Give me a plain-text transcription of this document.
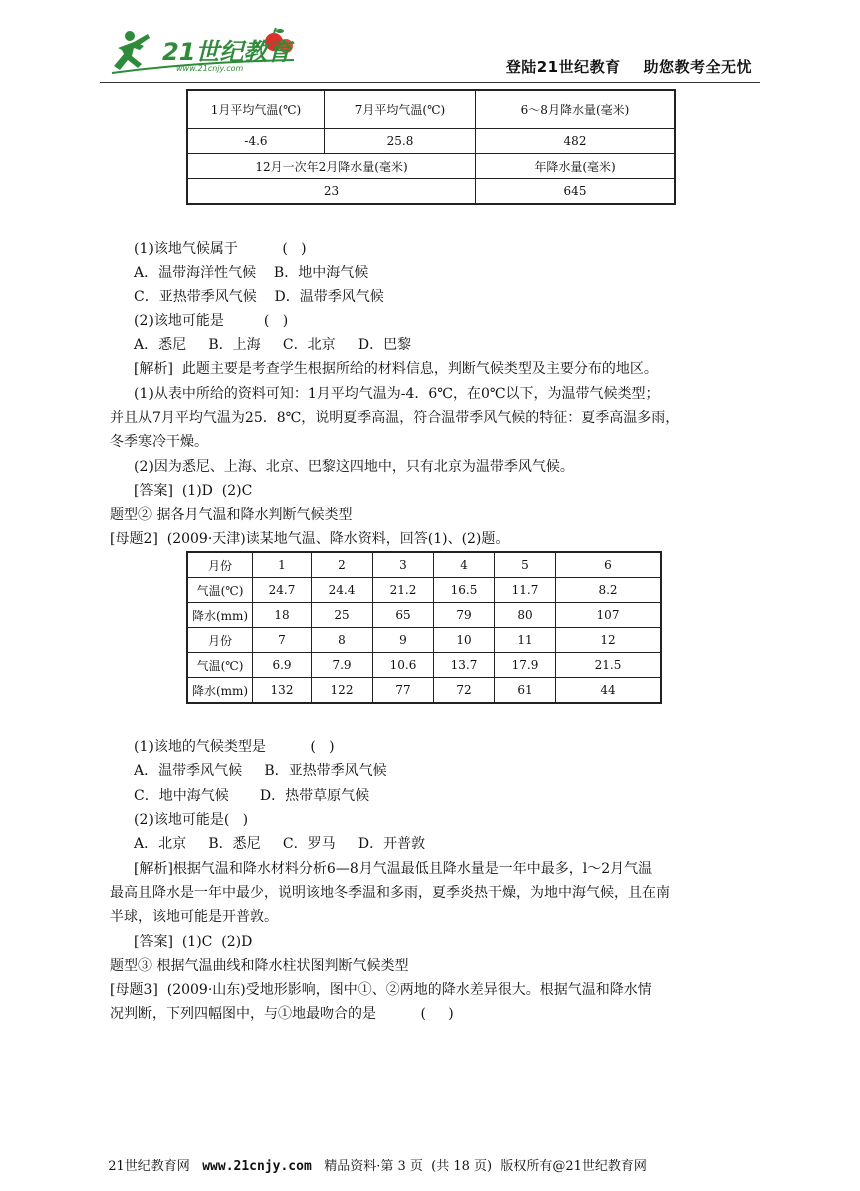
21世纪教育
www.21cnjy.com	登陆21世纪教育    助您教考全无忧
1月平均气温(℃)	7月平均气温(℃)	6～8月降水量(毫米)
-4.6	25.8	482
12月一次年2月降水量(毫米)		年降水量(毫米)
23		645
(1)该地气候属于          (   )
A．温带海洋性气候    B．地中海气候
C．亚热带季风气候    D．温带季风气候
(2)该地可能是         (   )
A．悉尼     B．上海     C．北京     D．巴黎
[解析]  此题主要是考查学生根据所给的材料信息，判断气候类型及主要分布的地区。
(1)从表中所给的资料可知：1月平均气温为-4．6℃，在0℃以下，为温带气候类型；
并且从7月平均气温为25．8℃，说明夏季高温，符合温带季风气候的特征：夏季高温多雨，
冬季寒冷干燥。
(2)因为悉尼、上海、北京、巴黎这四地中，只有北京为温带季风气候。
[答案]  (1)D  (2)C
题型② 据各月气温和降水判断气候类型
[母题2]  (2009·天津)读某地气温、降水资料，回答(1)、(2)题。
月份	1	2	3	4	5	6
气温(℃)	24.7	24.4	21.2	16.5	11.7	8.2
降水(mm)	18	25	65	79	80	107
月份	7	8	9	10	11	12
气温(℃)	6.9	7.9	10.6	13.7	17.9	21.5
降水(mm)	132	122	77	72	61	44
(1)该地的气候类型是          (   )
A．温带季风气候     B．亚热带季风气候
C．地中海气候       D．热带草原气候
(2)该地可能是(   )
A．北京     B．悉尼     C．罗马     D．开普敦
[解析]根据气温和降水材料分析6—8月气温最低且降水量是一年中最多，l～2月气温
最高且降水是一年中最少，说明该地冬季温和多雨，夏季炎热干燥，为地中海气候，且在南
半球，该地可能是开普敦。
[答案]  (1)C  (2)D
题型③ 根据气温曲线和降水柱状图判断气候类型
[母题3]  (2009·山东)受地形影响，图中①、②两地的降水差异很大。根据气温和降水情
况判断，下列四幅图中，与①地最吻合的是          (     )

21世纪教育网   www.21cnjy.com   精品资料·第 3 页  (共 18 页)  版权所有@21世纪教育网
